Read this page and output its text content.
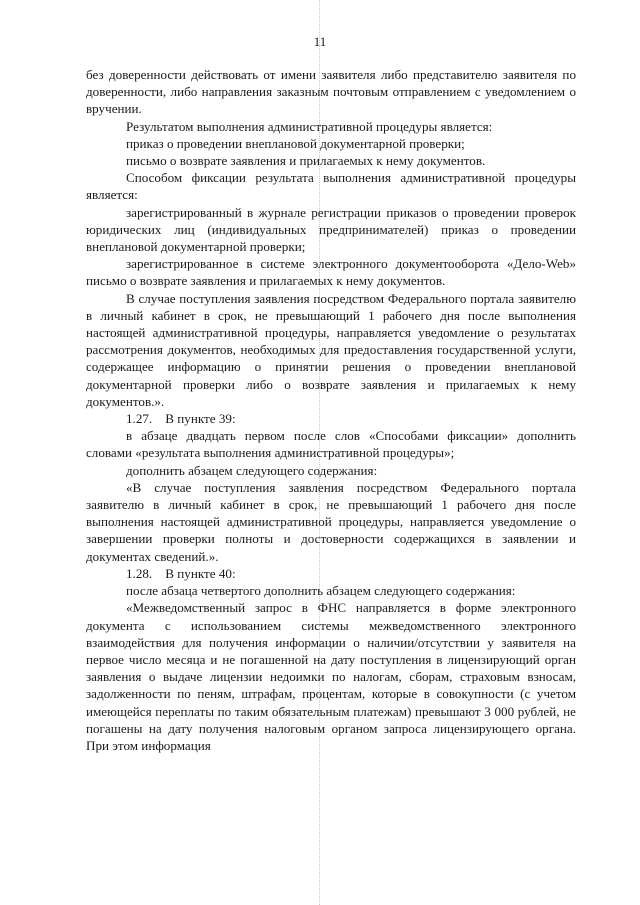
11

без доверенности действовать от имени заявителя либо представителю заявителя по доверенности, либо направления заказным почтовым отправлением с уведомлением о вручении.

Результатом выполнения административной процедуры является:

приказ о проведении внеплановой документарной проверки;

письмо о возврате заявления и прилагаемых к нему документов.

Способом фиксации результата выполнения административной процедуры является:

зарегистрированный в журнале регистрации приказов о проведении проверок юридических лиц (индивидуальных предпринимателей) приказ о проведении внеплановой документарной проверки;

зарегистрированное в системе электронного документооборота «Дело-Web» письмо о возврате заявления и прилагаемых к нему документов.

В случае поступления заявления посредством Федерального портала заявителю в личный кабинет в срок, не превышающий 1 рабочего дня после выполнения настоящей административной процедуры, направляется уведомление о результатах рассмотрения документов, необходимых для предоставления государственной услуги, содержащее информацию о принятии решения о проведении внеплановой документарной проверки либо о возврате заявления и прилагаемых к нему документов.».

1.27.    В пункте 39:

в абзаце двадцать первом после слов «Способами фиксации» дополнить словами «результата выполнения административной процедуры»;

дополнить абзацем следующего содержания:

«В случае поступления заявления посредством Федерального портала заявителю в личный кабинет в срок, не превышающий 1 рабочего дня после выполнения настоящей административной процедуры, направляется уведомление о завершении проверки полноты и достоверности содержащихся в заявлении и документах сведений.».

1.28.    В пункте 40:

после абзаца четвертого дополнить абзацем следующего содержания:

«Межведомственный запрос в ФНС направляется в форме электронного документа с использованием системы межведомственного электронного взаимодействия для получения информации о наличии/отсутствии у заявителя на первое число месяца и не погашенной на дату поступления в лицензирующий орган заявления о выдаче лицензии недоимки по налогам, сборам, страховым взносам, задолженности по пеням, штрафам, процентам, которые в совокупности (с учетом имеющейся переплаты по таким обязательным платежам) превышают 3 000 рублей, не погашены на дату получения налоговым органом запроса лицензирующего органа. При этом информация
